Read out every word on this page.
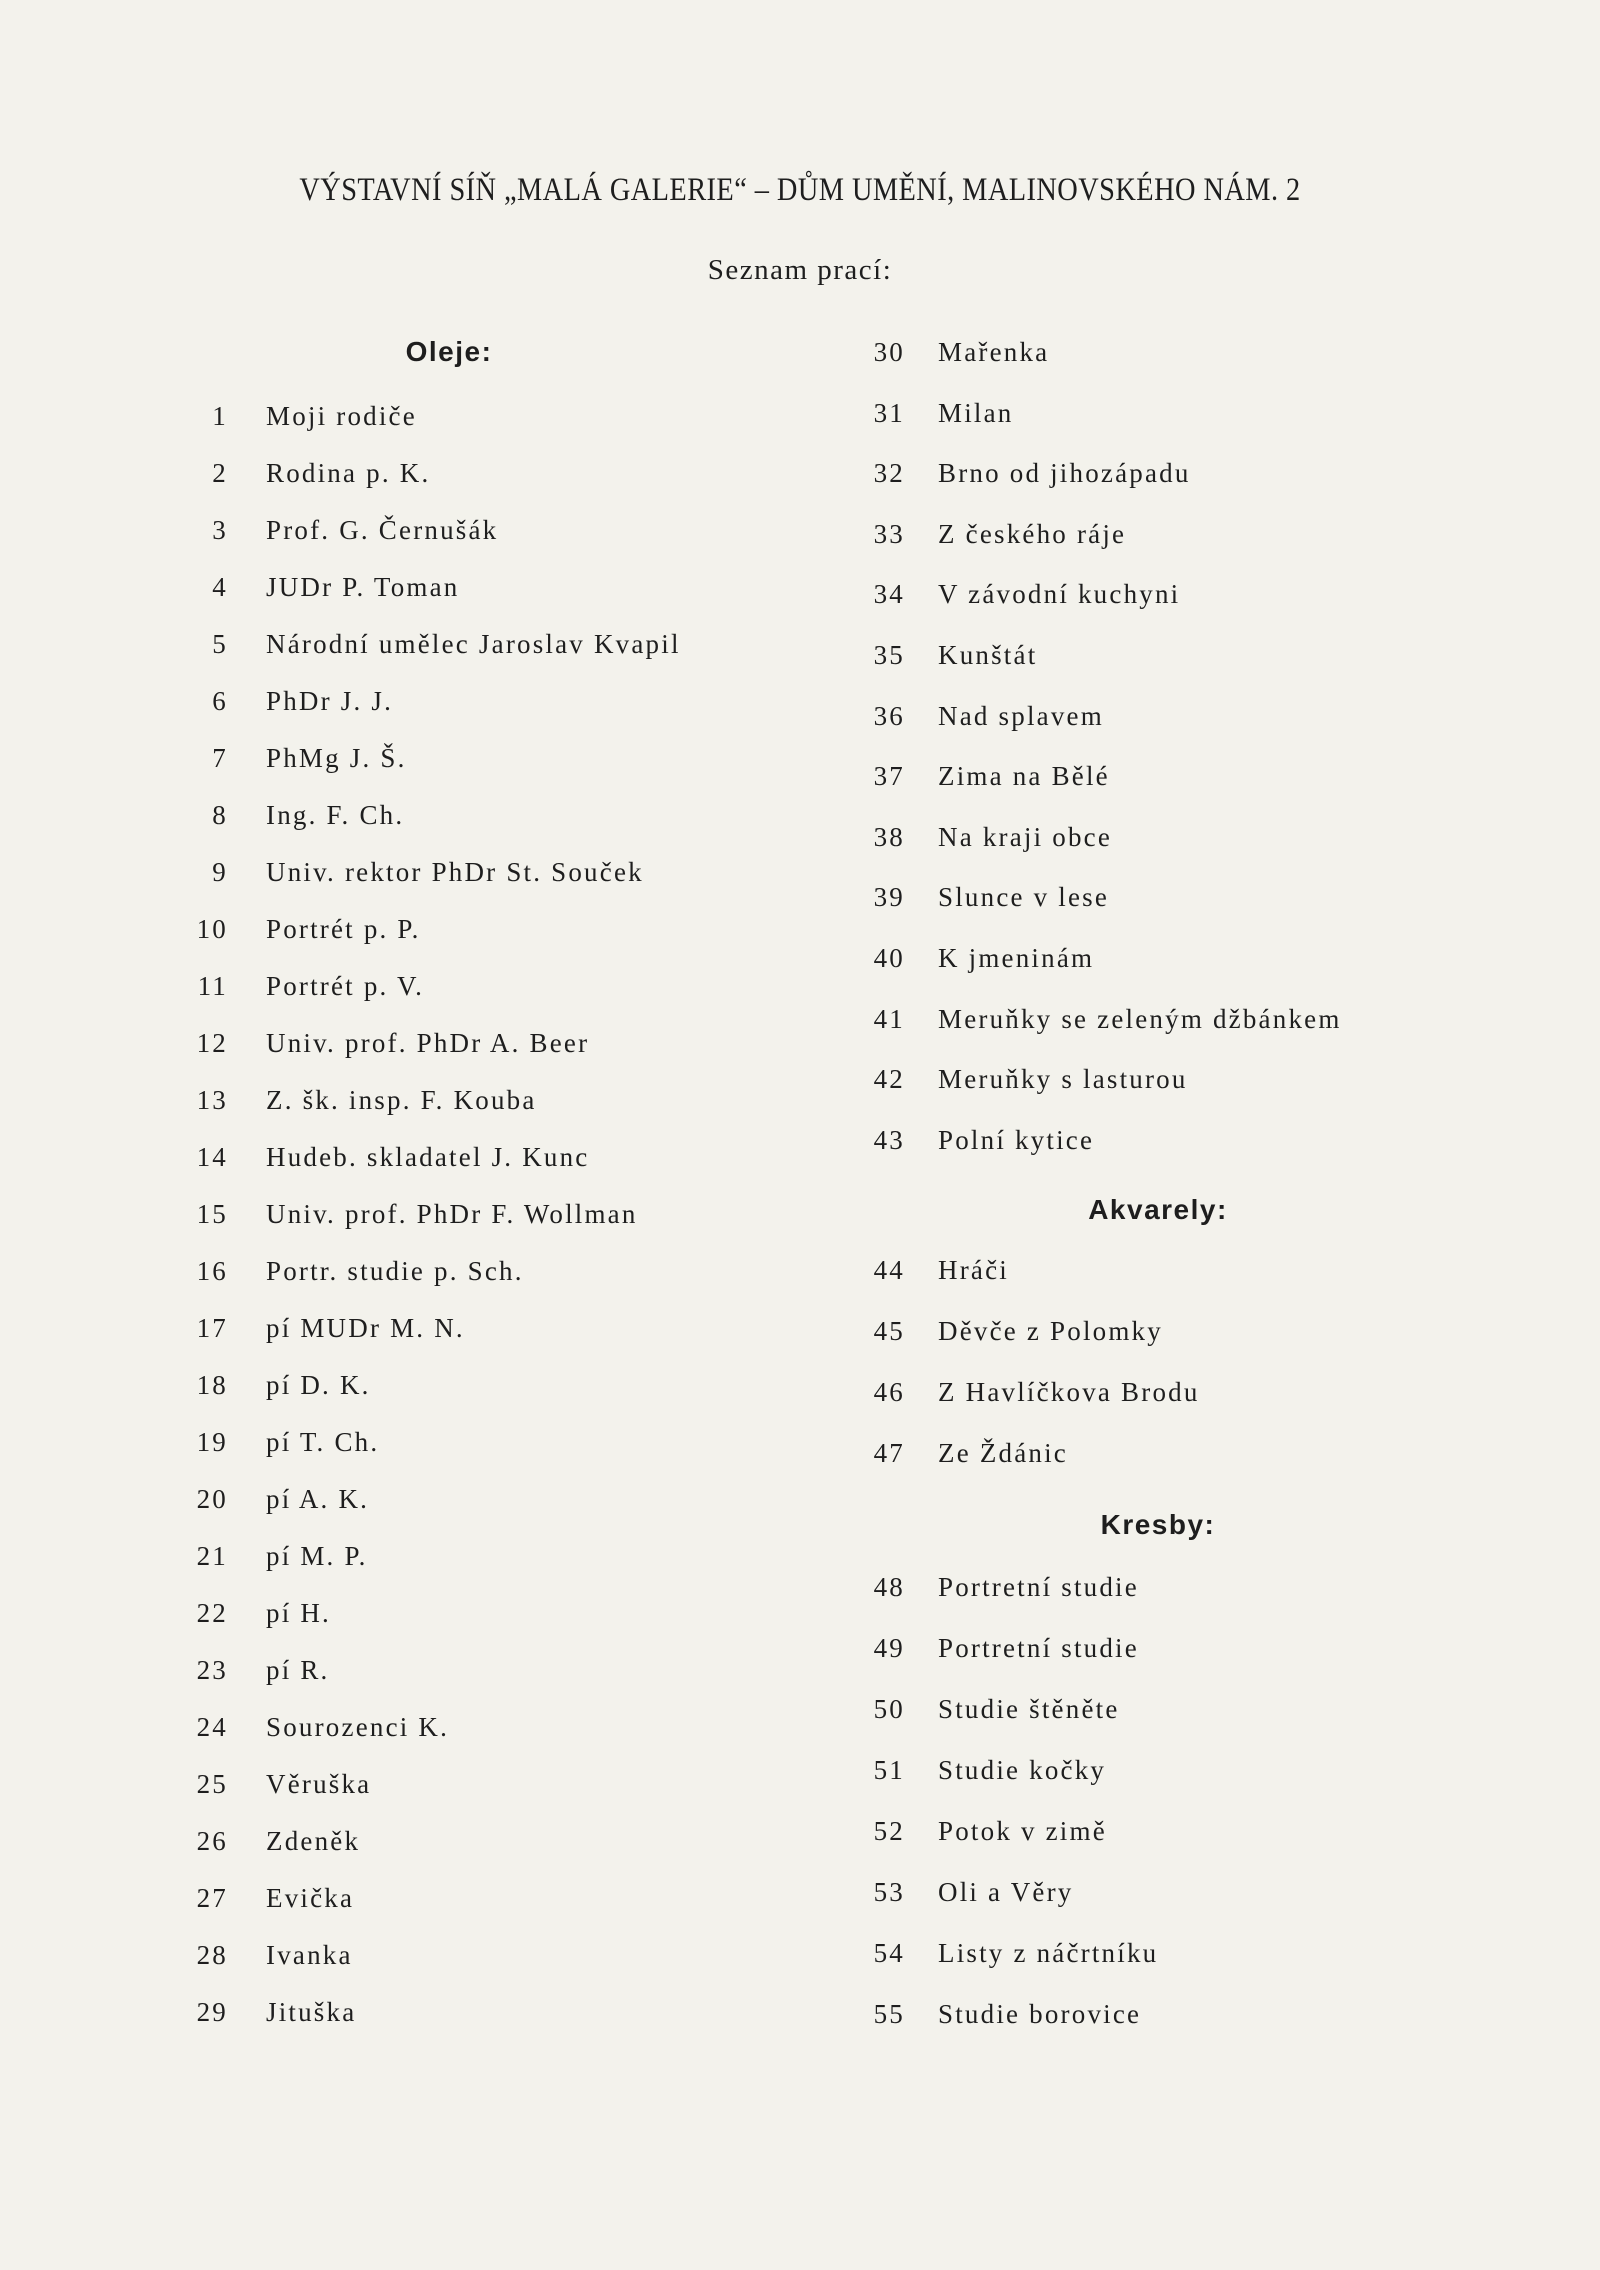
VÝSTAVNÍ SÍŇ „MALÁ GALERIE“ – DŮM UMĚNÍ, MALINOVSKÉHO NÁM. 2
Seznam prací:
Oleje:
Akvarely:
Kresby:
1 Moji rodiče
2 Rodina p. K.
3 Prof. G. Černušák
4 JUDr P. Toman
5 Národní umělec Jaroslav Kvapil
6 PhDr J. J.
7 PhMg J. Š.
8 Ing. F. Ch.
9 Univ. rektor PhDr St. Souček
10 Portrét p. P.
11 Portrét p. V.
12 Univ. prof. PhDr A. Beer
13 Z. šk. insp. F. Kouba
14 Hudeb. skladatel J. Kunc
15 Univ. prof. PhDr F. Wollman
16 Portr. studie p. Sch.
17 pí MUDr M. N.
18 pí D. K.
19 pí T. Ch.
20 pí A. K.
21 pí M. P.
22 pí H.
23 pí R.
24 Sourozenci K.
25 Věruška
26 Zdeněk
27 Evička
28 Ivanka
29 Jituška
30 Mařenka
31 Milan
32 Brno od jihozápadu
33 Z českého ráje
34 V závodní kuchyni
35 Kunštát
36 Nad splavem
37 Zima na Bělé
38 Na kraji obce
39 Slunce v lese
40 K jmeninám
41 Meruňky se zeleným džbánkem
42 Meruňky s lasturou
43 Polní kytice
44 Hráči
45 Děvče z Polomky
46 Z Havlíčkova Brodu
47 Ze Ždánic
48 Portretní studie
49 Portretní studie
50 Studie štěněte
51 Studie kočky
52 Potok v zimě
53 Oli a Věry
54 Listy z náčrtníku
55 Studie borovice
